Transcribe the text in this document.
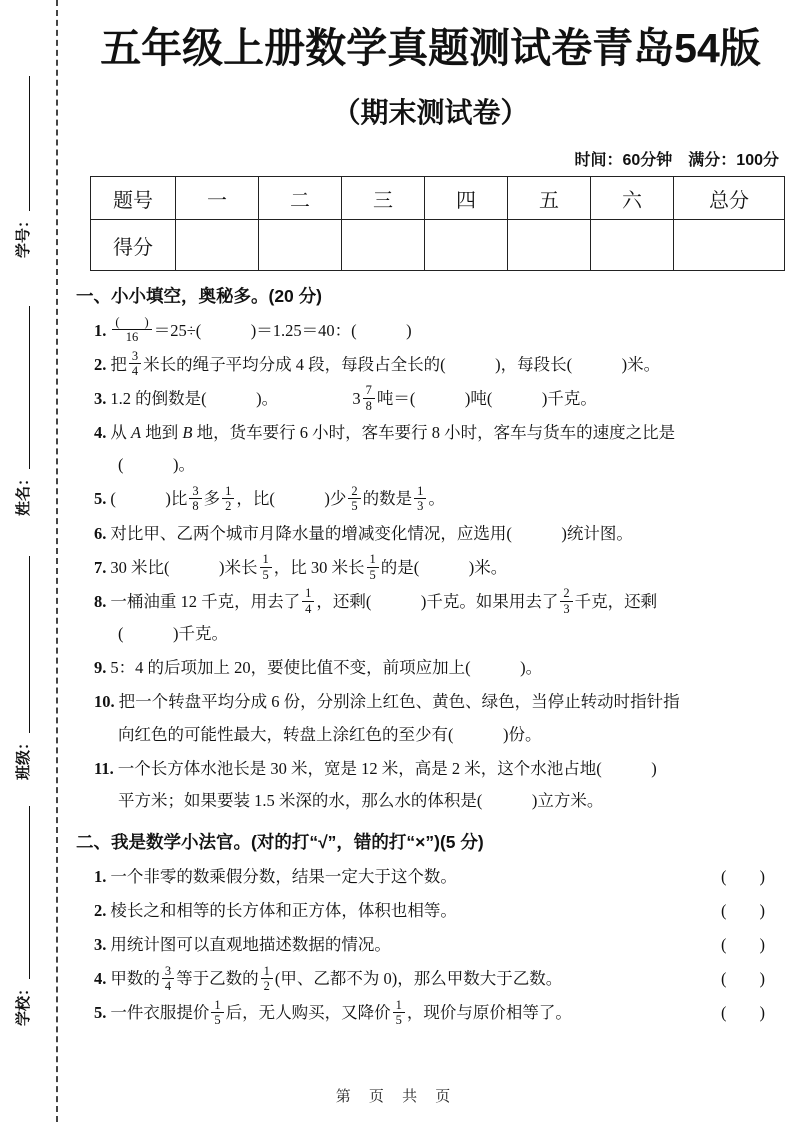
学号：
姓名：
班级：
学校：
五年级上册数学真题测试卷青岛54版
（期末测试卷）
时间：60分钟　满分：100分
题号	一	二	三	四	五	六	总分
得分							
一、小小填空，奥秘多。(20 分)
1. $\frac{( )}{16} =25\div$(　　　)＝1.25＝40：(　　　)
2. 把 $\frac{3}{4}$ 米长的绳子平均分成 4 段，每段占全长的(　　　)，每段长(　　　)米。
3. 1.2 的倒数是(　　　)。　　　　　$3 \frac{7}{8}$ 吨＝(　　　)吨(　　　)千克。
4. 从 A 地到 B 地，货车要行 6 小时，客车要行 8 小时，客车与货车的速度之比是
(　　　)。
5. (　　　)比 $\frac{3}{8}$ 多 $\frac{1}{2}$ ，比(　　　)少 $\frac{2}{5}$ 的数是 $\frac{1}{3}$ 。
6. 对比甲、乙两个城市月降水量的增减变化情况，应选用(　　　)统计图。
7. 30 米比(　　　)米长 $\frac{1}{5}$ ，比 30 米长 $\frac{1}{5}$ 的是(　　　)米。
8. 一桶油重 12 千克，用去了 $\frac{1}{4}$ ，还剩(　　　)千克。如果用去了 $\frac{2}{3}$ 千克，还剩
(　　　)千克。
9. 5：4 的后项加上 20，要使比值不变，前项应加上(　　　)。
10. 把一个转盘平均分成 6 份，分别涂上红色、黄色、绿色，当停止转动时指针指
向红色的可能性最大，转盘上涂红色的至少有(　　　)份。
11. 一个长方体水池长是 30 米，宽是 12 米，高是 2 米，这个水池占地(　　　)
平方米；如果要装 1.5 米深的水，那么水的体积是(　　　)立方米。
二、我是数学小法官。(对的打“√”，错的打“×”)(5 分)
1. 一个非零的数乘假分数，结果一定大于这个数。	(　　)
2. 棱长之和相等的长方体和正方体，体积也相等。	(　　)
3. 用统计图可以直观地描述数据的情况。	(　　)
4. 甲数的 $\frac{3}{4}$ 等于乙数的 $\frac{1}{2}$ (甲、乙都不为 0)，那么甲数大于乙数。	(　　)
5. 一件衣服提价 $\frac{1}{5}$ 后，无人购买，又降价 $\frac{1}{5}$ ，现价与原价相等了。	(　　)
第 页 共 页
